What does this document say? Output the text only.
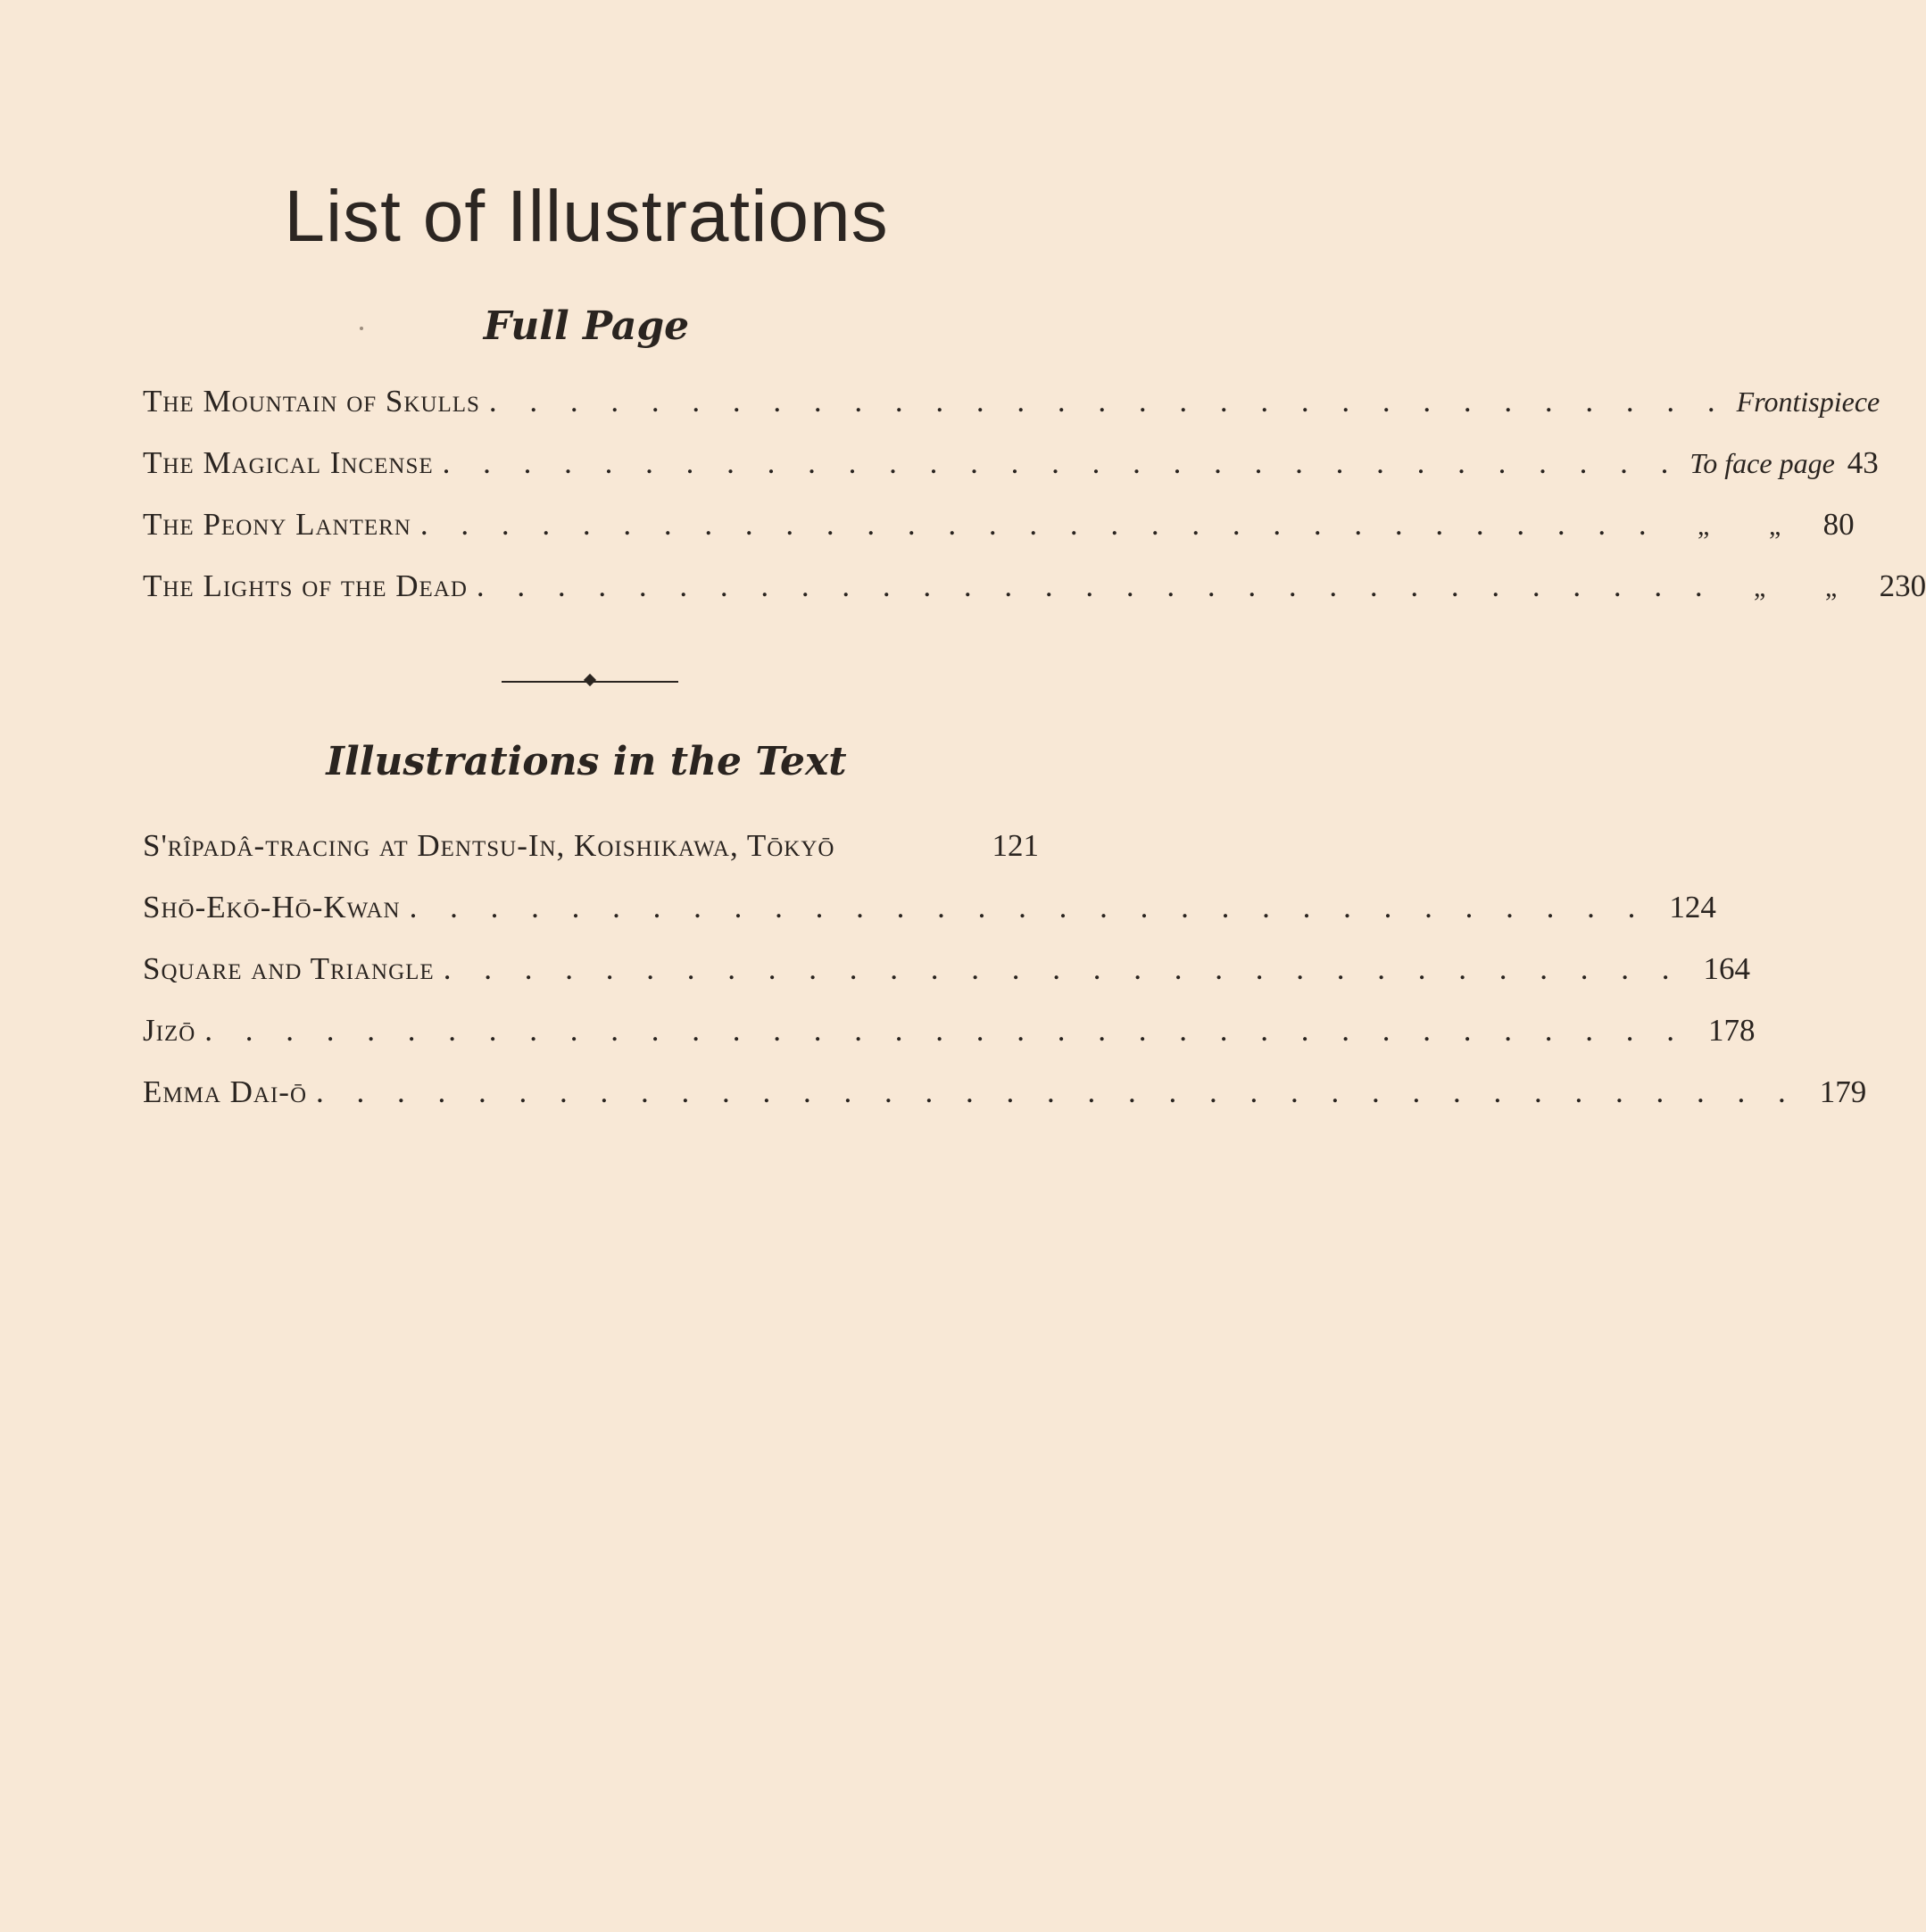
List of Illustrations
Full Page
The Mountain of Skulls . . . . . . . . . . . . . . . . . . . . . . . . . . . . . . . Frontispiece
The Magical Incense . . . . . . . . . . . . . . . . . . . . . . . . . . . . . . . To face page 43
The Peony Lantern . . . . . . . . . . . . . . . . . . . . . . . . . . . . . . .	„	„	80
The Lights of the Dead . . . . . . . . . . . . . . . . . . . . . . . . . . . . . . .	„	„	230
Illustrations in the Text
S'rîpadâ-tracing at Dentsu-In, Koishikawa, Tōkyō	121
Shō-Ekō-Hō-Kwan . . . . . . . . . . . . . . . . . . . . . . . . . . . . . . . 124
Square and Triangle . . . . . . . . . . . . . . . . . . . . . . . . . . . . . . . 164
Jizō . . . . . . . . . . . . . . . . . . . . . . . . . . . . . . . . . . . . . 178
Emma Dai-ō . . . . . . . . . . . . . . . . . . . . . . . . . . . . . . . . . . . . . 179
